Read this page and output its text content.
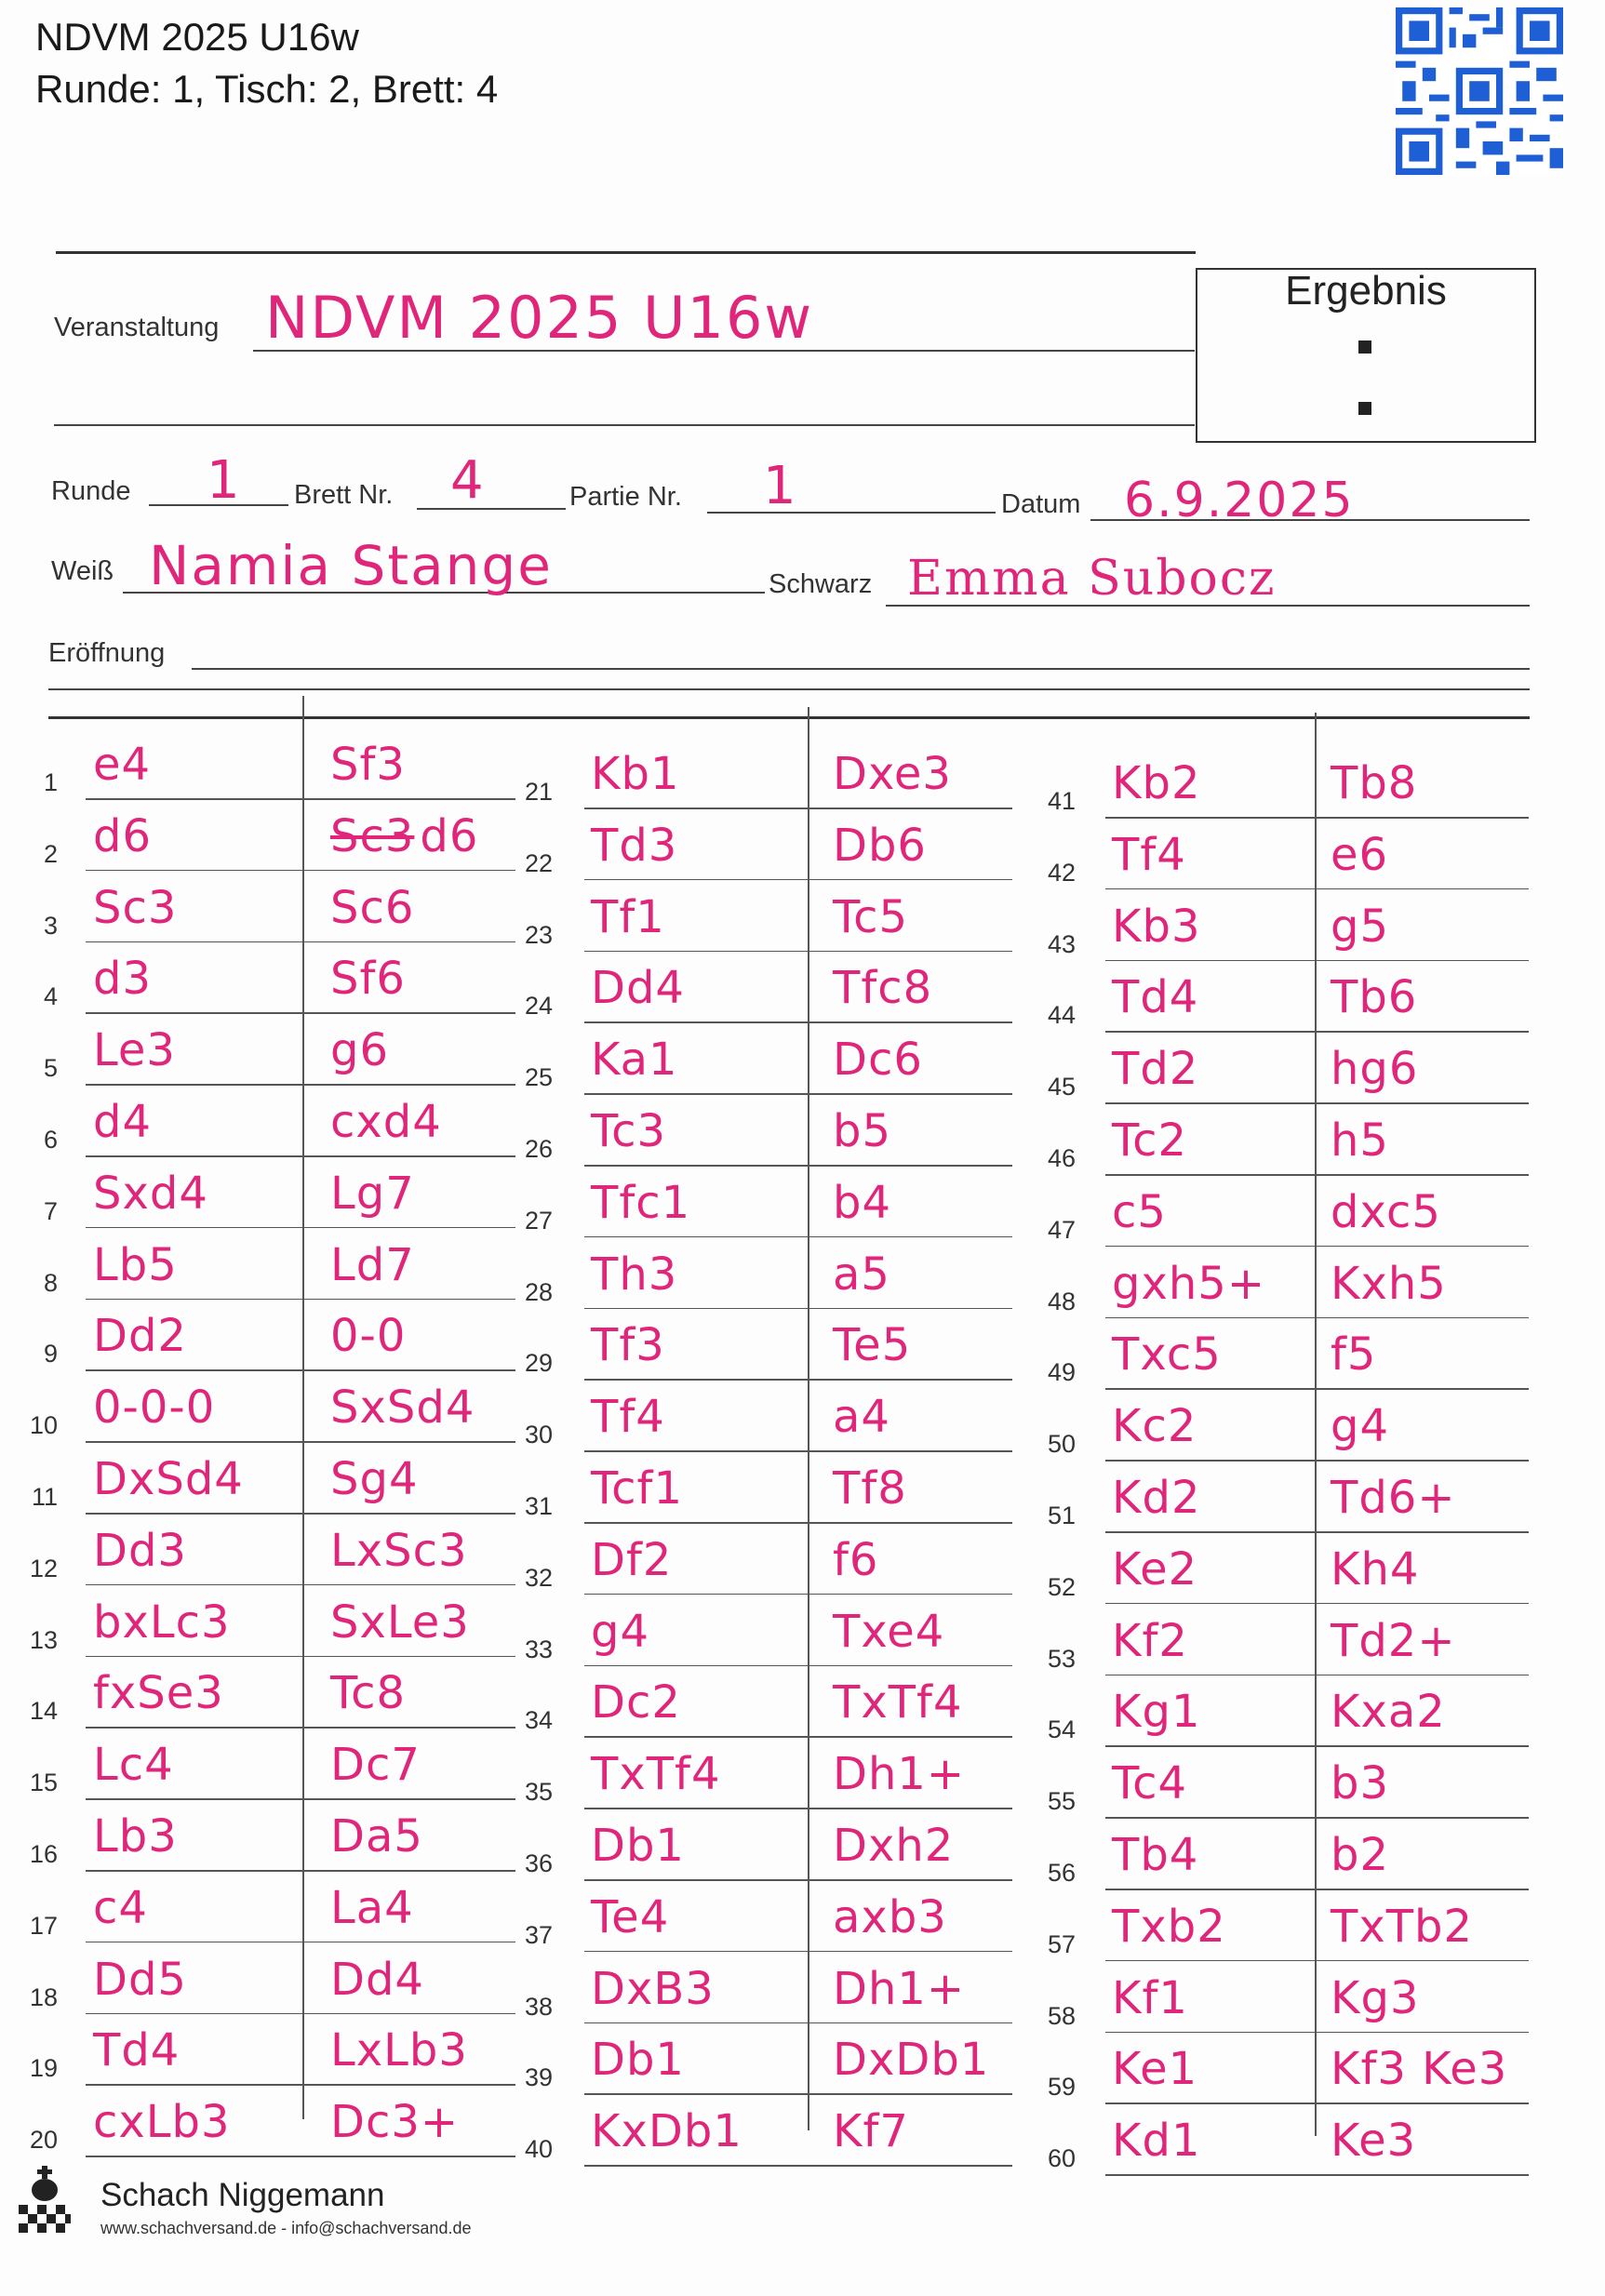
NDVM 2025 U16w
Runde: 1, Tisch: 2, Brett: 4
Ergebnis
Veranstaltung NDVM 2025 U16w
Runde 1 Brett Nr. 4	Partie Nr. 1	Datum 6.9.2025
Weiß Namia Stange	Schwarz Emma Subocz
Eröffnung
1 e4	Sf3
2 d6	Sc3 d6
3 Sc3	Sc6
4 d3	Sf6
5 Le3	g6
6 d4	cxd4
7 Sxd4	Lg7
8 Lb5	Ld7
9 Dd2	0-0
10 0-0-0	SxSd4
11 DxSd4 Sg4
12 Dd3	LxSc3
13 bxLc3 SxLe3
14 fxSe3 Tc8
15 Lc4	Dc7
16 Lb3	Da5
17 c4	La4
18 Dd5	Dd4
19 Td4	LxLb3
20 cxLb3 Dc3+
21 Kb1	Dxe3
22 Td3	Db6
23 Tf1	Tc5
24 Dd4	Tfc8
25 Ka1	Dc6
26 Tc3	b5
27 Tfc1	b4
28 Th3	a5
29 Tf3	Te5
30 Tf4	a4
31 Tcf1	Tf8
32 Df2	f6
33 g4	Txe4
34 Dc2	TxTf4
35 TxTf4	Dh1+
36 Db1	Dxh2
37 Te4	axb3
38 DxB3	Dh1+
39 Db1	DxDb1
40 KxDb1 Kf7
41 Kb2	Tb8
42 Tf4	e6
43 Kb3	g5
44 Td4	Tb6
45 Td2	hg6
46 Tc2	h5
47 c5	dxc5
48 gxh5+ Kxh5
49 Txc5 f5
50 Kc2	g4
51 Kd2	Td6+
52 Ke2	Kh4
53 Kf2	Td2+
54 Kg1	Kxa2
55 Tc4	b3
56 Tb4	b2
57 Txb2 TxTb2
58 Kf1	Kg3
59 Ke1	Kf3 Ke3
60 Kd1	Ke3
Schach Niggemann
www.schachversand.de - info@schachversand.de
